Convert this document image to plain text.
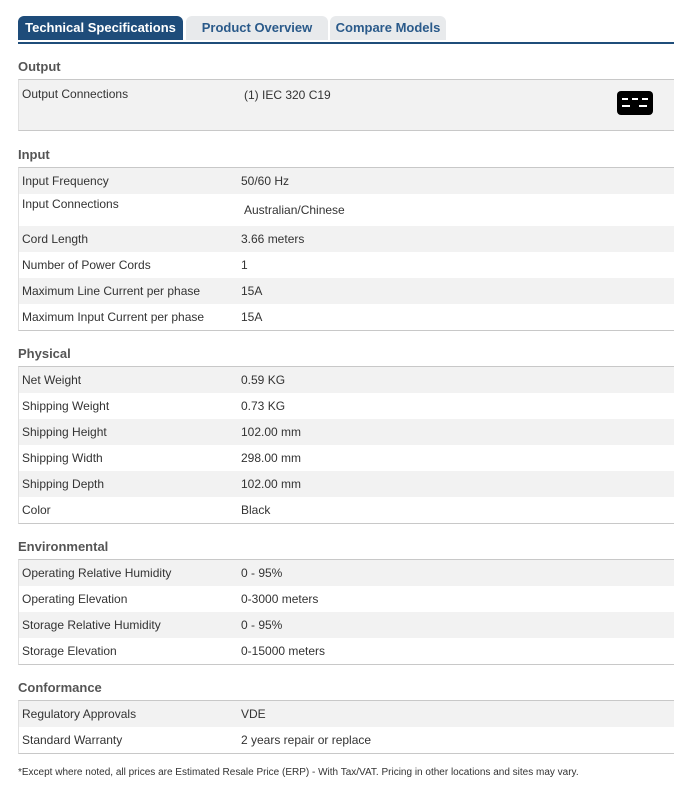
Technical Specifications	Product Overview	Compare Models
Output
Output Connections	(1) IEC 320 C19
Input
Input Frequency	50/60 Hz
Input Connections	Australian/Chinese
Cord Length	3.66 meters
Number of Power Cords	1
Maximum Line Current per phase	15A
Maximum Input Current per phase	15A
Physical
Net Weight	0.59 KG
Shipping Weight	0.73 KG
Shipping Height	102.00 mm
Shipping Width	298.00 mm
Shipping Depth	102.00 mm
Color	Black
Environmental
Operating Relative Humidity	0 - 95%
Operating Elevation	0-3000 meters
Storage Relative Humidity	0 - 95%
Storage Elevation	0-15000 meters
Conformance
Regulatory Approvals	VDE
Standard Warranty	2 years repair or replace
*Except where noted, all prices are Estimated Resale Price (ERP) - With Tax/VAT. Pricing in other locations and sites may vary.
